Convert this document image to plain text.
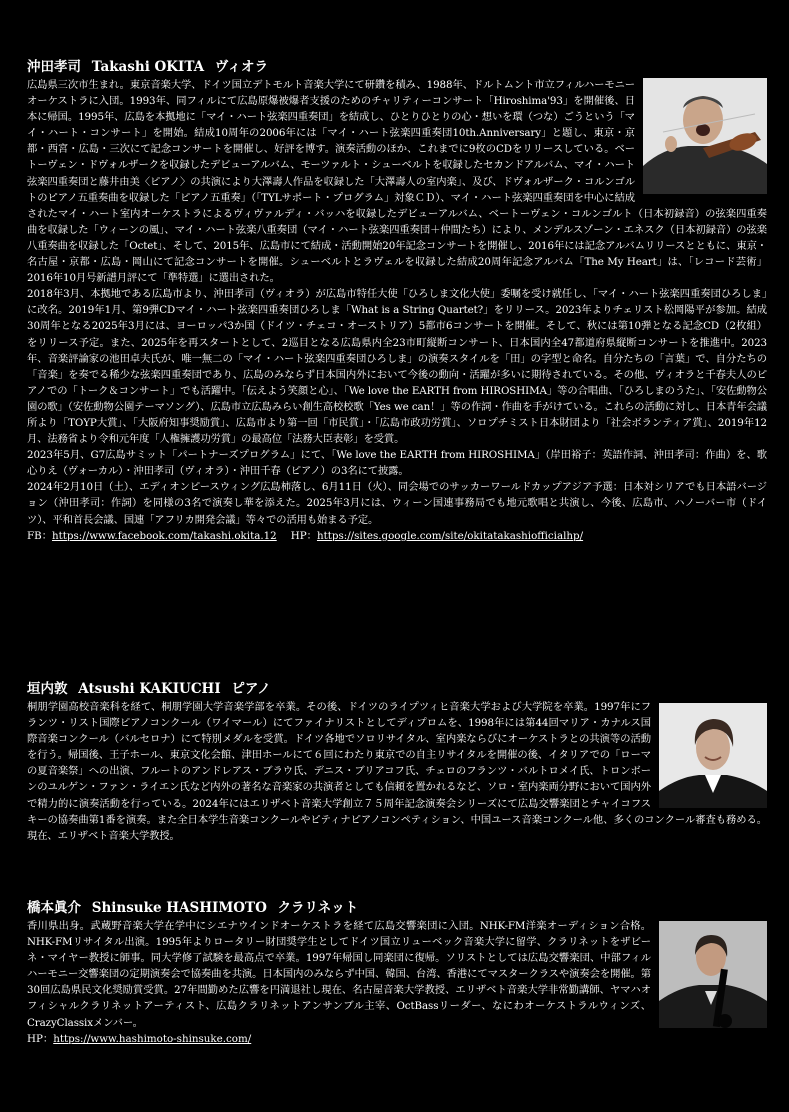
沖田孝司 Takashi OKITA ヴィオラ

広島県三次市生まれ。東京音楽大学、ドイツ国立デトモルト音楽大学にて研鑽を積み、1988年、ドルトムント市立フィルハーモニーオーケストラに入団。1993年、同フィルにて広島原爆被爆者支援のためのチャリティーコンサート「Hiroshima'93」を開催後、日本に帰国。1995年、広島を本拠地に「マイ・ハート弦楽四重奏団」を結成し、ひとりひとりの心・想いを環（つな）ごうという「マイ・ハート・コンサート」を開始。結成10周年の2006年には「マイ・ハート弦楽四重奏団10th.Anniversary」と題し、東京・京都・西宮・広島・三次にて記念コンサートを開催し、好評を博す。演奏活動のほか、これまでに9枚のCDをリリースしている。ベートーヴェン・ドヴォルザークを収録したデビューアルバム、モーツァルト・シューベルトを収録したセカンドアルバム、マイ・ハート弦楽四重奏団と藤井由美〈ピアノ〉の共演により大澤壽人作品を収録した「大澤壽人の室内楽」、及び、ドヴォルザーク・コルンゴルトのピアノ五重奏曲を収録した「ピアノ五重奏」（「TYLサポート・プログラム」対象ＣＤ）、マイ・ハート弦楽四重奏団を中心に結成されたマイ・ハート室内オーケストラによるヴィヴァルディ・バッハを収録したデビューアルバム、ベートーヴェン・コルンゴルト（日本初録音）の弦楽四重奏曲を収録した「ウィーンの風」、マイ・ハート弦楽八重奏団（マイ・ハート弦楽四重奏団＋仲間たち）により、メンデルスゾーン・エネスク（日本初録音）の弦楽八重奏曲を収録した「Octet」、そして、2015年、広島市にて結成・活動開始20年記念コンサートを開催し、2016年には記念アルバムリリースとともに、東京・名古屋・京都・広島・岡山にて記念コンサートを開催。シューベルトとラヴェルを収録した結成20周年記念アルバム「The My Heart」は、「レコード芸術」2016年10月号新譜月評にて「準特選」に選出された。

2018年3月、本拠地である広島市より、沖田孝司（ヴィオラ）が広島市特任大使「ひろしま文化大使」委嘱を受け就任し、「マイ・ハート弦楽四重奏団ひろしま」に改名。2019年1月、第9弾CDマイ・ハート弦楽四重奏団ひろしま「What is a String Quartet?」をリリース。2023年よりチェリスト松岡陽平が参加。結成30周年となる2025年3月には、ヨーロッパ3か国（ドイツ・チェコ・オーストリア）5都市6コンサートを開催。そして、秋には第10弾となる記念CD（2枚組）をリリース予定。また、2025年を再スタートとして、2巡目となる広島県内全23市町縦断コンサート、日本国内全47都道府県縦断コンサートを推進中。2023年、音楽評論家の池田卓夫氏が、唯一無二の「マイ・ハート弦楽四重奏団ひろしま」の演奏スタイルを「田」の字型と命名。自分たちの「言葉」で、自分たちの「音楽」を奏でる稀少な弦楽四重奏団であり、広島のみならず日本国内外において今後の動向・活躍が多いに期待されている。その他、ヴィオラと千春夫人のピアノでの「トーク＆コンサート」でも活躍中。「伝えよう笑顔と心」、「We love the EARTH from HIROSHIMA」等の合唱曲、「ひろしまのうた」、「安佐動物公園の歌」（安佐動物公園テーマソング）、広島市立広島みらい創生高校校歌「Yes we can！」等の作詞・作曲を手がけている。これらの活動に対し、日本青年会議所より「TOYP大賞」、「大阪府知事奨励賞」、広島市より第一回「市民賞」・「広島市政功労賞」、ソロプチミスト日本財団より「社会ボランティア賞」、2019年12月、法務省より令和元年度「人権擁護功労賞」の最高位「法務大臣表彰」を受賞。

2023年5月、G7広島サミット「パートナーズプログラム」にて、「We love the EARTH from HIROSHIMA」（岸田裕子：英語作詞、沖田孝司：作曲）を、歌心りえ（ヴォーカル）・沖田孝司（ヴィオラ）・沖田千春（ピアノ）の3名にて披露。

2024年2月10日（土）、エディオンピースウィング広島柿落し、6月11日（火）、同会場でのサッカーワールドカップアジア予選：日本対シリアでも日本語バージョン（沖田孝司：作詞）を同様の3名で演奏し華を添えた。2025年3月には、ウィーン国連事務局でも地元歌唱と共演し、今後、広島市、ハノーバー市（ドイツ）、平和首長会議、国連「アフリカ開発会議」等々での活用も始まる予定。

FB：https://www.facebook.com/takashi.okita.12 HP：https://sites.google.com/site/okitatakashiofficialhp/
垣内敦 Atsushi KAKIUCHI ピアノ

桐朋学園高校音楽科を経て、桐朋学園大学音楽学部を卒業。その後、ドイツのライプツィヒ音楽大学および大学院を卒業。1997年にフランツ・リスト国際ピアノコンクール（ワイマール）にてファイナリストとしてディプロムを、1998年には第44回マリア・カナルス国際音楽コンクール（バルセロナ）にて特別メダルを受賞。ドイツ各地でソロリサイタル、室内楽ならびにオーケストラとの共演等の活動を行う。帰国後、王子ホール、東京文化会館、津田ホールにて６回にわたり東京での自主リサイタルを開催の後、イタリアでの「ローマの夏音楽祭」への出演、フルートのアンドレアス・ブラウ氏、デニス・ブリアコフ氏、チェロのフランツ・バルトロメイ氏、トロンボーンのユルゲン・ファン・ライエン氏など内外の著名な音楽家の共演者としても信頼を置かれるなど、ソロ・室内楽両分野において国内外で精力的に演奏活動を行っている。2024年にはエリザベト音楽大学創立７５周年記念演奏会シリーズにて広島交響楽団とチャイコフスキーの協奏曲第1番を演奏。また全日本学生音楽コンクールやピティナピアノコンペティション、中国ユース音楽コンクール他、多くのコンクール審査も務める。現在、エリザベト音楽大学教授。

橋本眞介 Shinsuke HASHIMOTO クラリネット

香川県出身。武蔵野音楽大学在学中にシエナウインドオーケストラを経て広島交響楽団に入団。NHK-FM洋楽オーディション合格。NHK-FMリサイタル出演。1995年よりロータリー財団奨学生としてドイツ国立リューベック音楽大学に留学、クラリネットをザビーネ・マイヤー教授に師事。同大学修了試験を最高点で卒業。1997年帰国し同楽団に復帰。ソリストとしては広島交響楽団、中部フィルハーモニー交響楽団の定期演奏会で協奏曲を共演。日本国内のみならず中国、韓国、台湾、香港にてマスタークラスや演奏会を開催。第30回広島県民文化奨励賞受賞。27年間勤めた広響を円満退社し現在、名古屋音楽大学教授、エリザベト音楽大学非常勤講師、ヤマハオフィシャルクラリネットアーティスト、広島クラリネットアンサンブル主宰、OctBassリーダー、なにわオーケストラルウィンズ、CrazyClassixメンバー。

HP：https://www.hashimoto-shinsuke.com/
